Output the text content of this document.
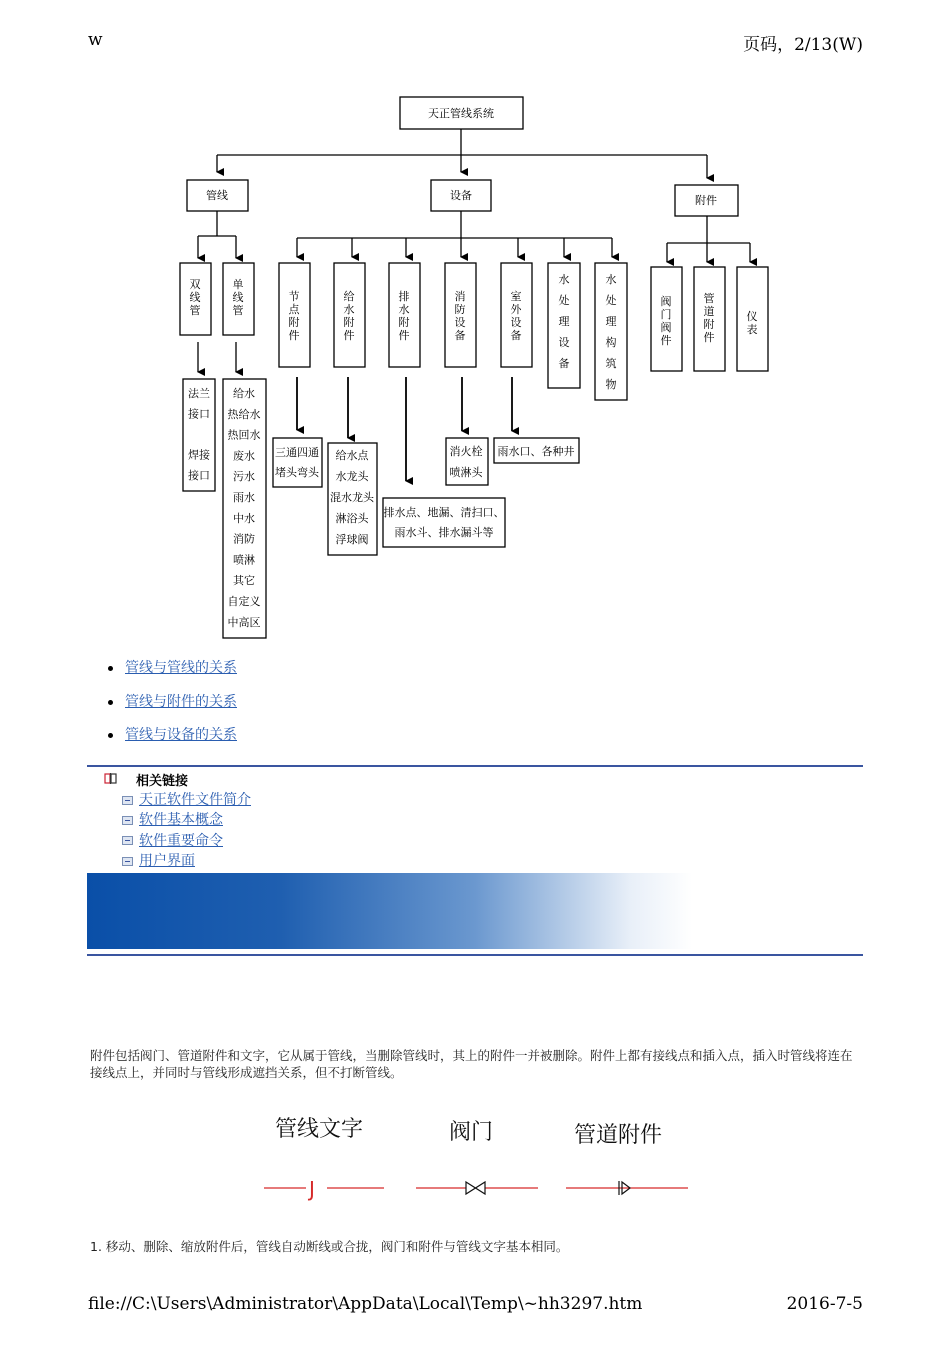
w	页码，2/13(W)
天正管线系统
管线	设备	附件
双线管
单线管
节点附件
给水附件
排水附件
消防设备
室外设备
水处理设备
水处理构筑物
阀门阀件
管道附件
仪表
法兰接口焊接接口
给水热给水热回水废水污水雨水中水消防喷淋其它自定义中高区
三通四通堵头弯头
给水点水龙头混水龙头淋浴头浮球阀
排水点、地漏、清扫口、雨水斗、排水漏斗等
消火栓喷淋头
雨水口、各种井
管线与管线的关系
管线与附件的关系
管线与设备的关系
相关链接
天正软件文件简介
软件基本概念
软件重要命令
用户界面
附件包括阀门、管道附件和文字，它从属于管线，当删除管线时，其上的附件一并被删除。附件上都有接线点和插入点，插入时管线将连在接线点上，并同时与管线形成遮挡关系，但不打断管线。
管线文字	阀门	管道附件
J
1. 移动、删除、缩放附件后，管线自动断线或合拢，阀门和附件与管线文字基本相同。
file://C:\Users\Administrator\AppData\Local\Temp\~hh3297.htm	2016-7-5
